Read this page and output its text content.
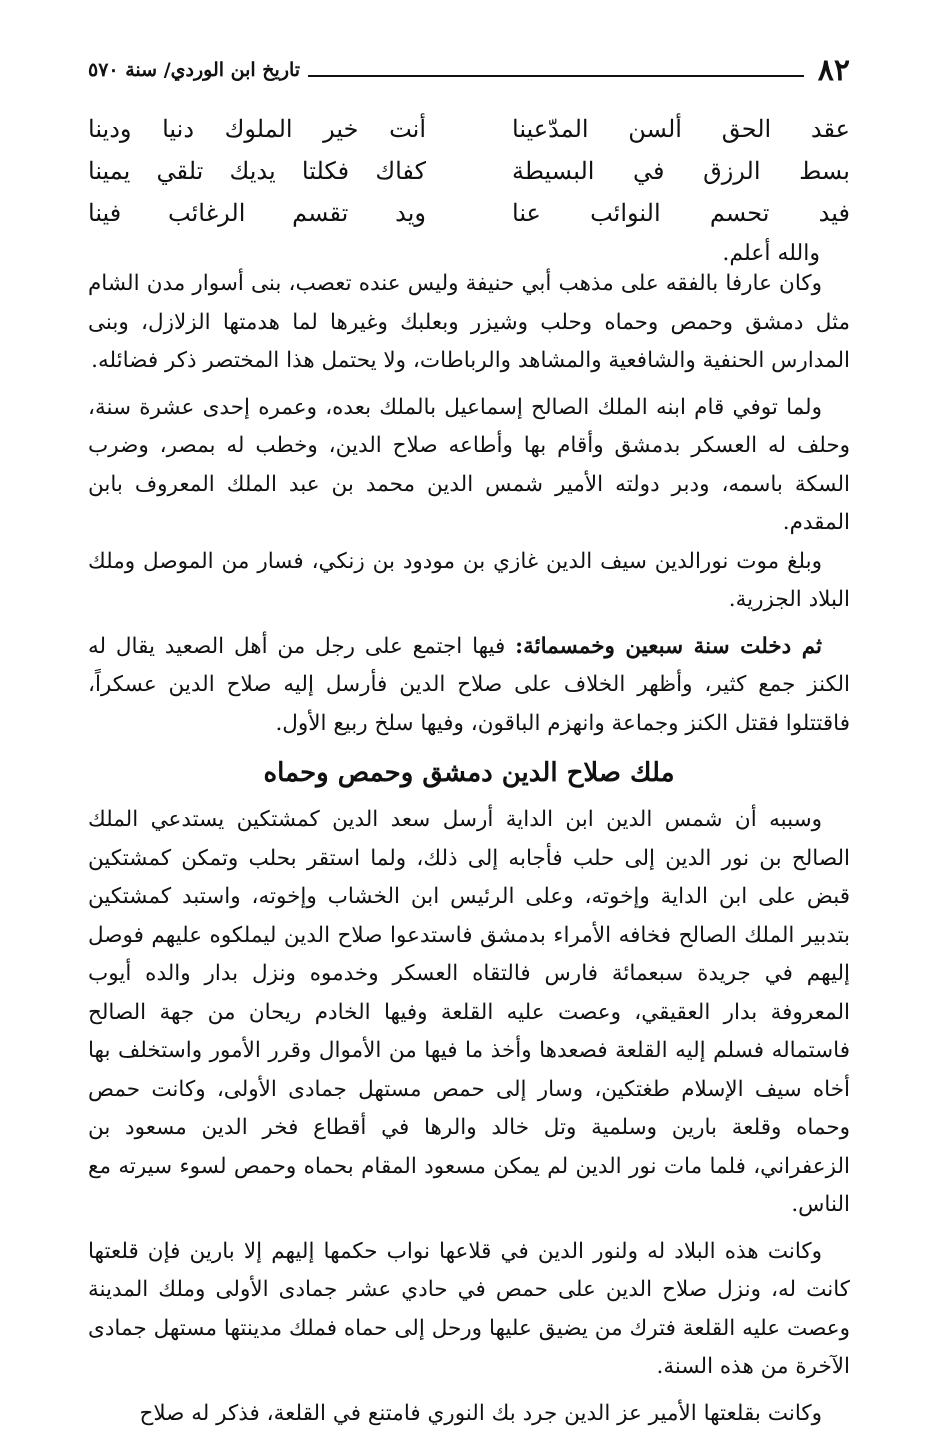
٨٢
تاريخ ابن الوردي/ سنة ٥٧٠
عقد الحق ألسن المدّعينا
أنت خير الملوك دنيا ودينا
بسط الرزق في البسيطة
كفاك فكلتا يديك تلقي يمينا
فيد تحسم النوائب عنا
ويد تقسم الرغائب فينا
والله أعلم.

وكان عارفا بالفقه على مذهب أبي حنيفة وليس عنده تعصب، بنى أسوار مدن الشام مثل دمشق وحمص وحماه وحلب وشيزر وبعلبك وغيرها لما هدمتها الزلازل، وبنى المدارس الحنفية والشافعية والمشاهد والرباطات، ولا يحتمل هذا المختصر ذكر فضائله.

ولما توفي قام ابنه الملك الصالح إسماعيل بالملك بعده، وعمره إحدى عشرة سنة، وحلف له العسكر بدمشق وأقام بها وأطاعه صلاح الدين، وخطب له بمصر، وضرب السكة باسمه، ودبر دولته الأمير شمس الدين محمد بن عبد الملك المعروف بابن المقدم.

وبلغ موت نورالدين سيف الدين غازي بن مودود بن زنكي، فسار من الموصل وملك البلاد الجزرية.

ثم دخلت سنة سبعين وخمسمائة: فيها اجتمع على رجل من أهل الصعيد يقال له الكنز جمع كثير، وأظهر الخلاف على صلاح الدين فأرسل إليه صلاح الدين عسكراً، فاقتتلوا فقتل الكنز وجماعة وانهزم الباقون، وفيها سلخ ربيع الأول.

ملك صلاح الدين دمشق وحمص وحماه

وسببه أن شمس الدين ابن الداية أرسل سعد الدين كمشتكين يستدعي الملك الصالح بن نور الدين إلى حلب فأجابه إلى ذلك، ولما استقر بحلب وتمكن كمشتكين قبض على ابن الداية وإخوته، وعلى الرئيس ابن الخشاب وإخوته، واستبد كمشتكين بتدبير الملك الصالح فخافه الأمراء بدمشق فاستدعوا صلاح الدين ليملكوه عليهم فوصل إليهم في جريدة سبعمائة فارس فالتقاه العسكر وخدموه ونزل بدار والده أيوب المعروفة بدار العقيقي، وعصت عليه القلعة وفيها الخادم ريحان من جهة الصالح فاستماله فسلم إليه القلعة فصعدها وأخذ ما فيها من الأموال وقرر الأمور واستخلف بها أخاه سيف الإسلام طغتكين، وسار إلى حمص مستهل جمادى الأولى، وكانت حمص وحماه وقلعة بارين وسلمية وتل خالد والرها في أقطاع فخر الدين مسعود بن الزعفراني، فلما مات نور الدين لم يمكن مسعود المقام بحماه وحمص لسوء سيرته مع الناس.

وكانت هذه البلاد له ولنور الدين في قلاعها نواب حكمها إليهم إلا بارين فإن قلعتها كانت له، ونزل صلاح الدين على حمص في حادي عشر جمادى الأولى وملك المدينة وعصت عليه القلعة فترك من يضيق عليها ورحل إلى حماه فملك مدينتها مستهل جمادى الآخرة من هذه السنة.

وكانت بقلعتها الأمير عز الدين جرد بك النوري فامتنع في القلعة، فذكر له صلاح
